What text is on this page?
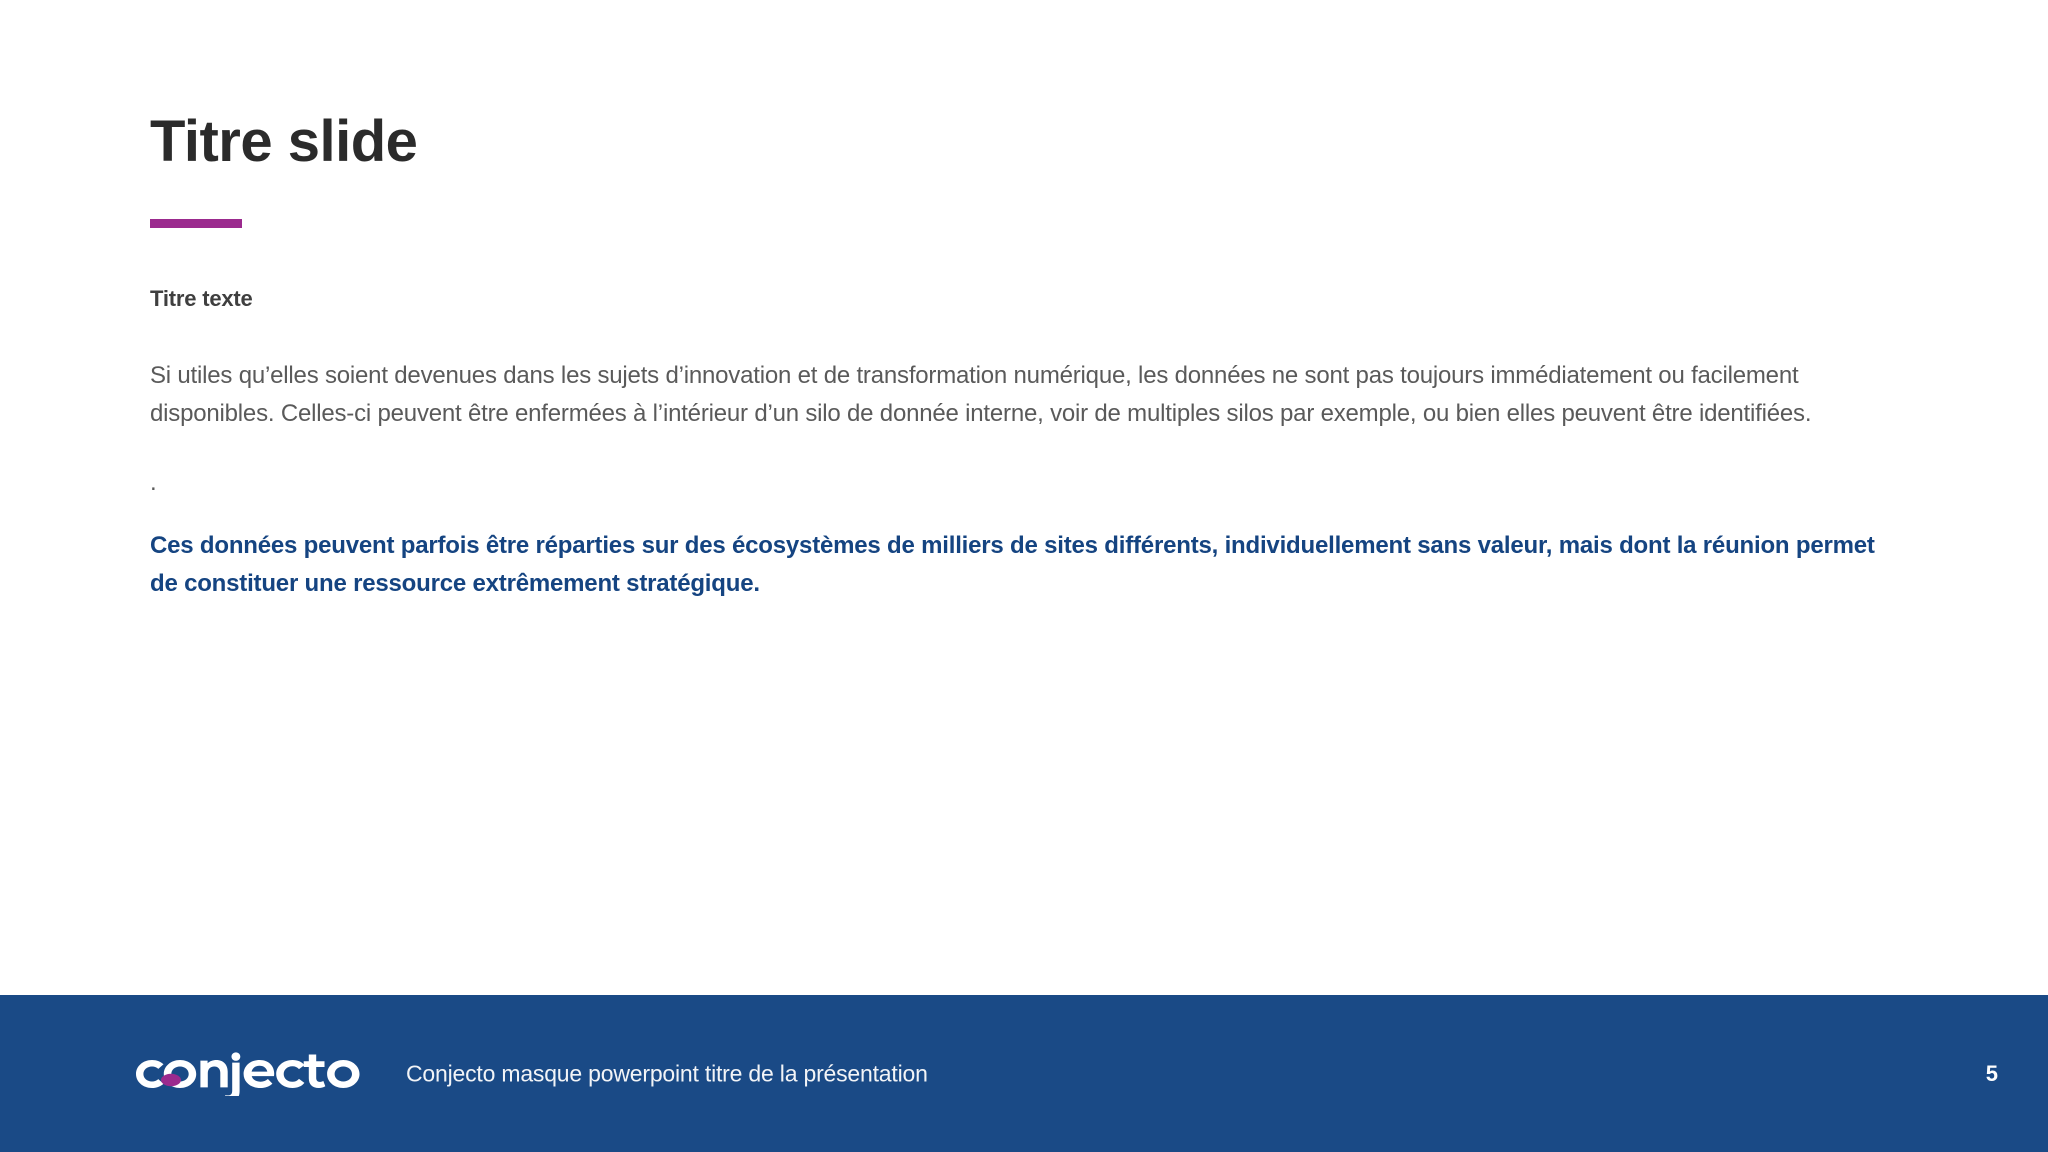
Titre slide
Titre texte

Si utiles qu’elles soient devenues dans les sujets d’innovation et de transformation numérique, les données ne sont pas toujours immédiatement ou facilement disponibles. Celles-ci peuvent être enfermées à l’intérieur d’un silo de donnée interne, voir de multiples silos par exemple, ou bien elles peuvent être identifiées.

.

Ces données peuvent parfois être réparties sur des écosystèmes de milliers de sites différents, individuellement sans valeur, mais dont la réunion permet de constituer une ressource extrêmement stratégique.

Conjecto masque powerpoint titre de la présentation	5
